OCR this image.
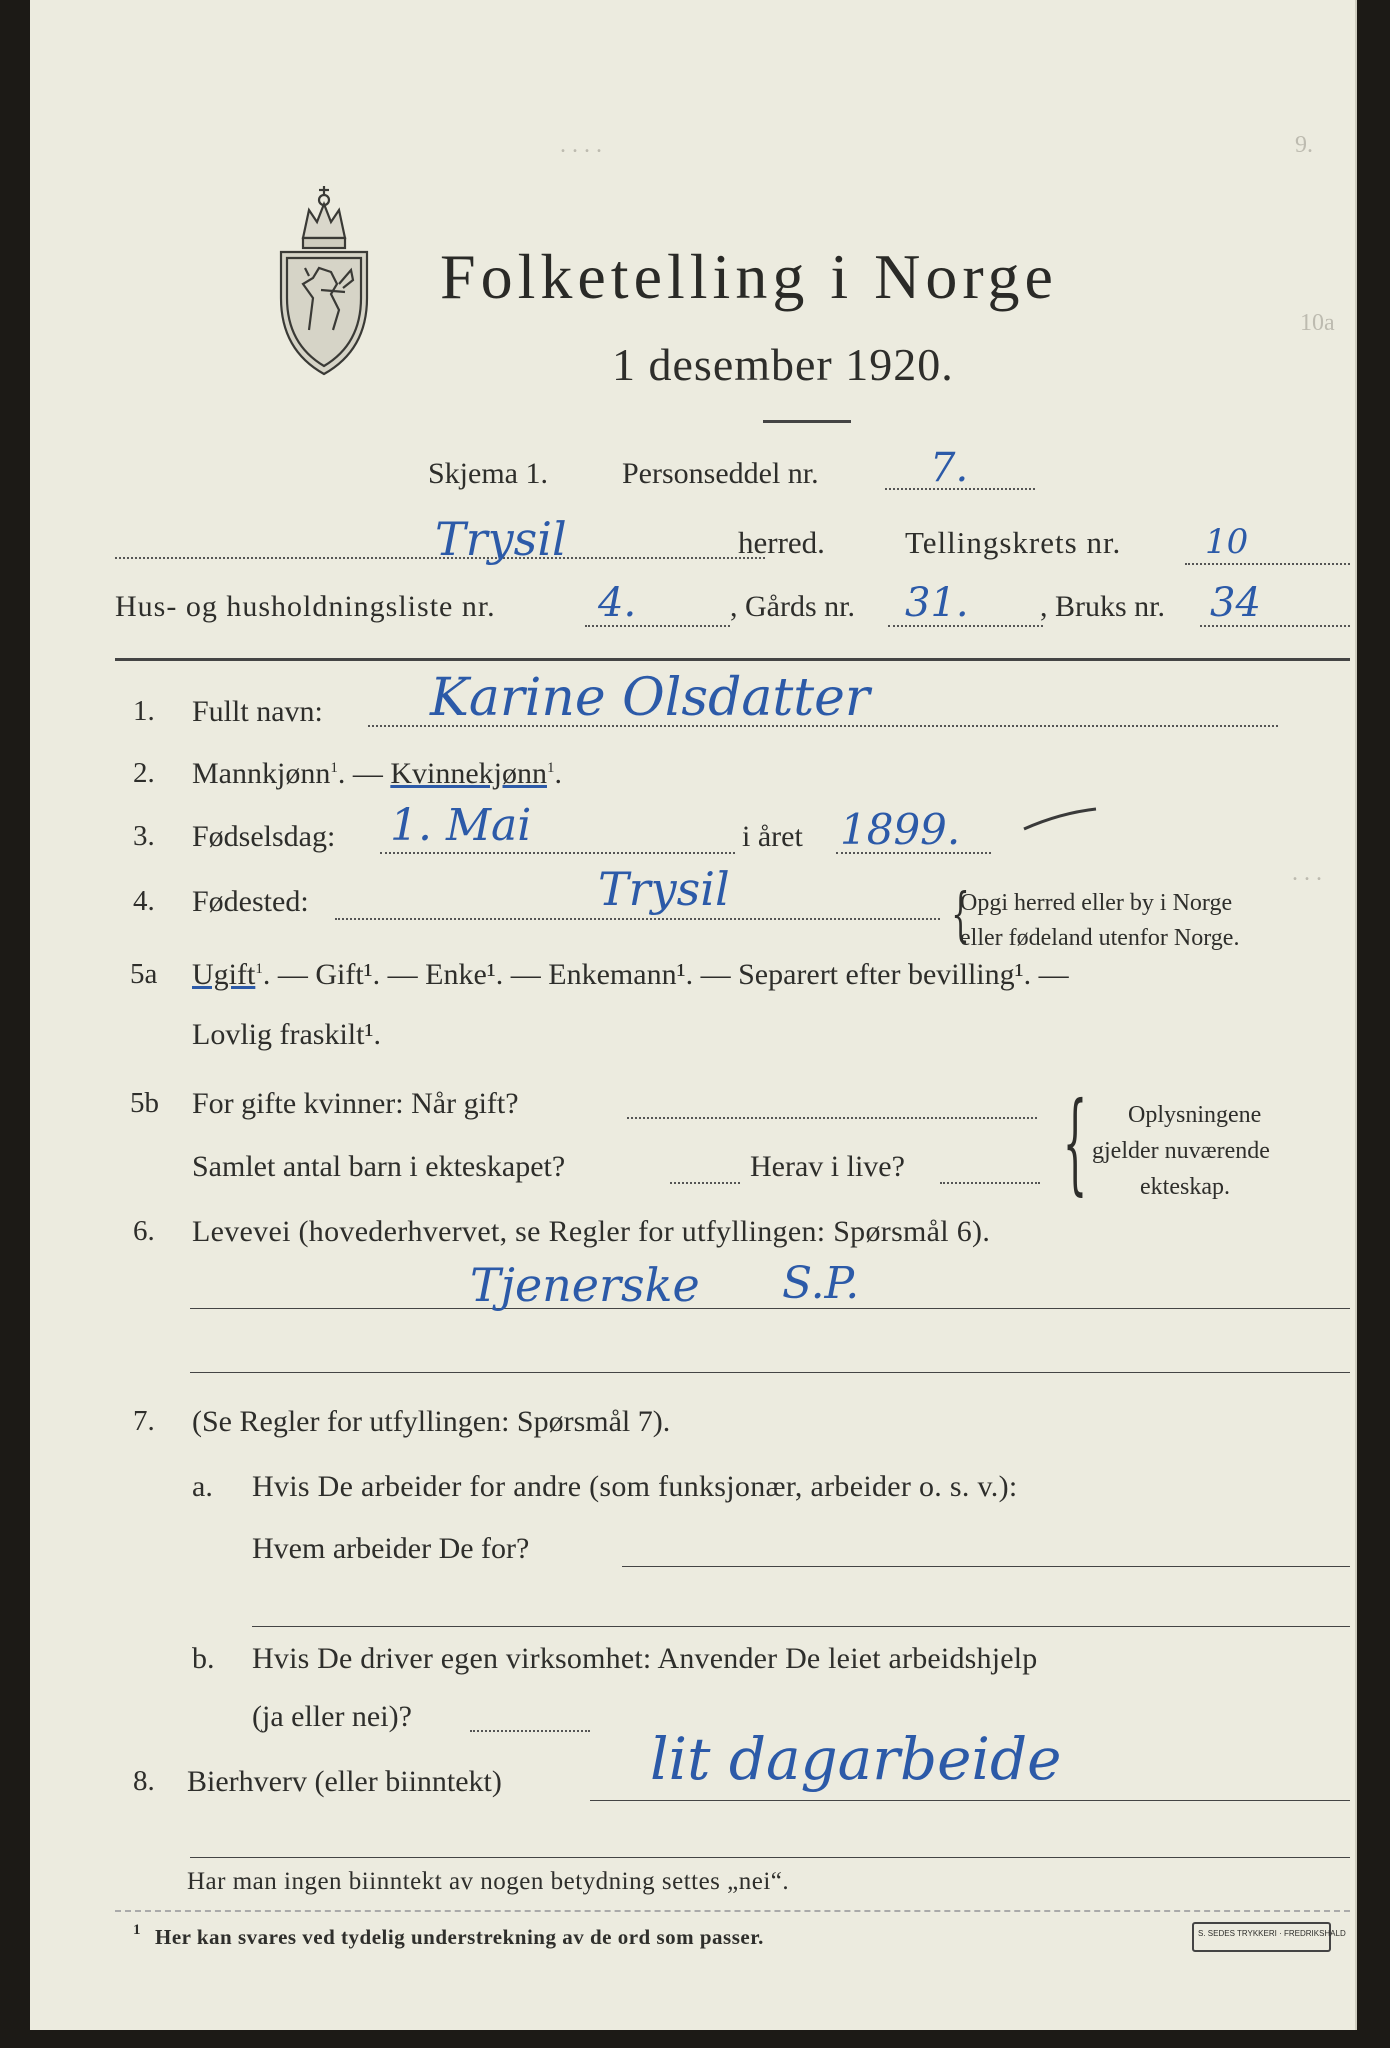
9.
. . . .
10a
. . .
Folketelling i Norge
1 desember 1920.
Skjema 1. Personseddel nr.	7.
Trysil	herred.	Tellingskrets nr. 10
Hus- og husholdningsliste nr.	4.	, Gårds nr. 31. , Bruks nr. 34
1. Fullt navn: Karine Olsdatter
2. Mannkjønn$^1$. — Kvinnekjønn$^1$.
3. Fødselsdag: 1. Mai	i året 1899.
4. Fødested:	Trysil	{
Opgi herred eller by i Norge
eller fødeland utenfor Norge.
5a Ugift$^1$. — Gift¹. — Enke¹. — Enkemann¹. — Separert efter bevilling¹. —
Lovlig fraskilt¹.
5b For gifte kvinner: Når gift?
Samlet antal barn i ekteskapet?	Herav i live? { Oplysningene
gjelder nuværende
ekteskap.
6. Levevei (hovederhvervet, se Regler for utfyllingen: Spørsmål 6).
Tjenerske S.P.
7. (Se Regler for utfyllingen: Spørsmål 7).
a. Hvis De arbeider for andre (som funksjonær, arbeider o. s. v.):
Hvem arbeider De for?
b. Hvis De driver egen virksomhet: Anvender De leiet arbeidshjelp
(ja eller nei)?
8. Bierhverv (eller biinntekt)	lit dagarbeide
Har man ingen biinntekt av nogen betydning settes „nei“.
1 Her kan svares ved tydelig understrekning av de ord som passer.	S. SEDES TRYKKERI · FREDRIKSHALD
